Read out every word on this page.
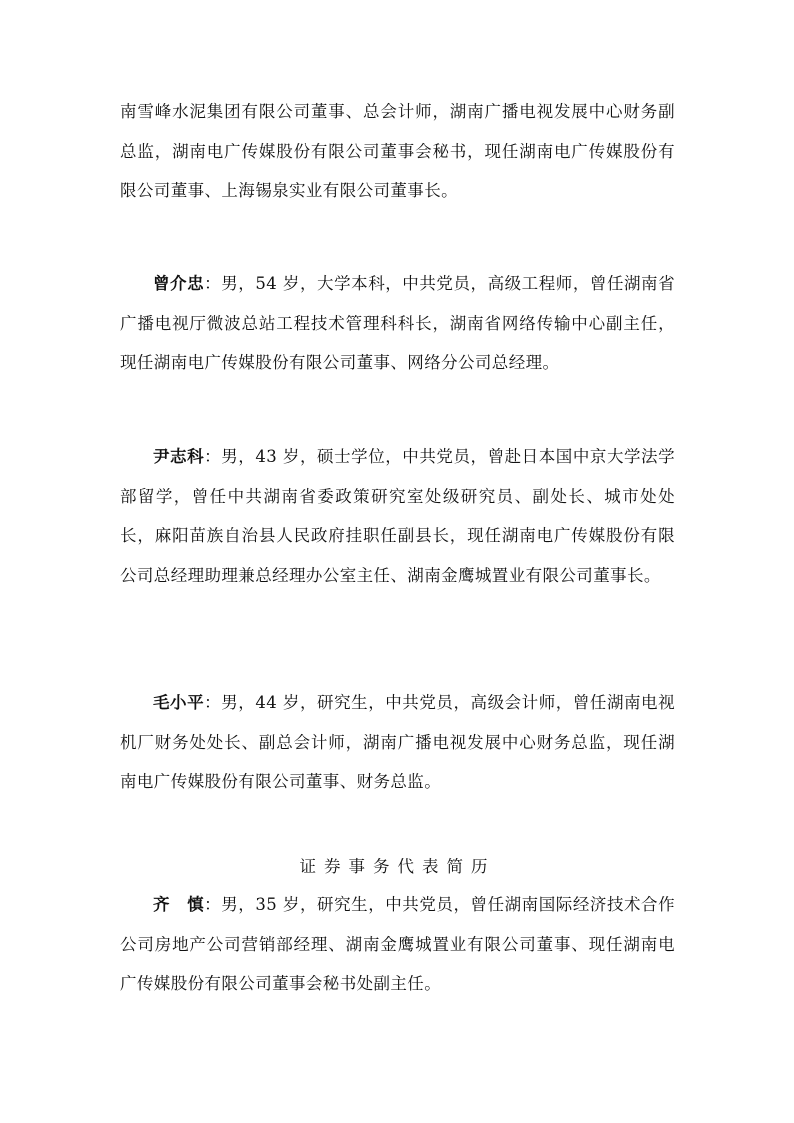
南雪峰水泥集团有限公司董事、总会计师，湖南广播电视发展中心财务副总监，湖南电广传媒股份有限公司董事会秘书，现任湖南电广传媒股份有限公司董事、上海锡泉实业有限公司董事长。

曾介忠：男，54 岁，大学本科，中共党员，高级工程师，曾任湖南省广播电视厅微波总站工程技术管理科科长，湖南省网络传输中心副主任，现任湖南电广传媒股份有限公司董事、网络分公司总经理。

尹志科：男，43 岁，硕士学位，中共党员，曾赴日本国中京大学法学部留学，曾任中共湖南省委政策研究室处级研究员、副处长、城市处处长，麻阳苗族自治县人民政府挂职任副县长，现任湖南电广传媒股份有限公司总经理助理兼总经理办公室主任、湖南金鹰城置业有限公司董事长。

毛小平：男，44 岁，研究生，中共党员，高级会计师，曾任湖南电视机厂财务处处长、副总会计师，湖南广播电视发展中心财务总监，现任湖南电广传媒股份有限公司董事、财务总监。

证券事务代表简历

齐　慎：男，35 岁，研究生，中共党员，曾任湖南国际经济技术合作公司房地产公司营销部经理、湖南金鹰城置业有限公司董事、现任湖南电广传媒股份有限公司董事会秘书处副主任。
